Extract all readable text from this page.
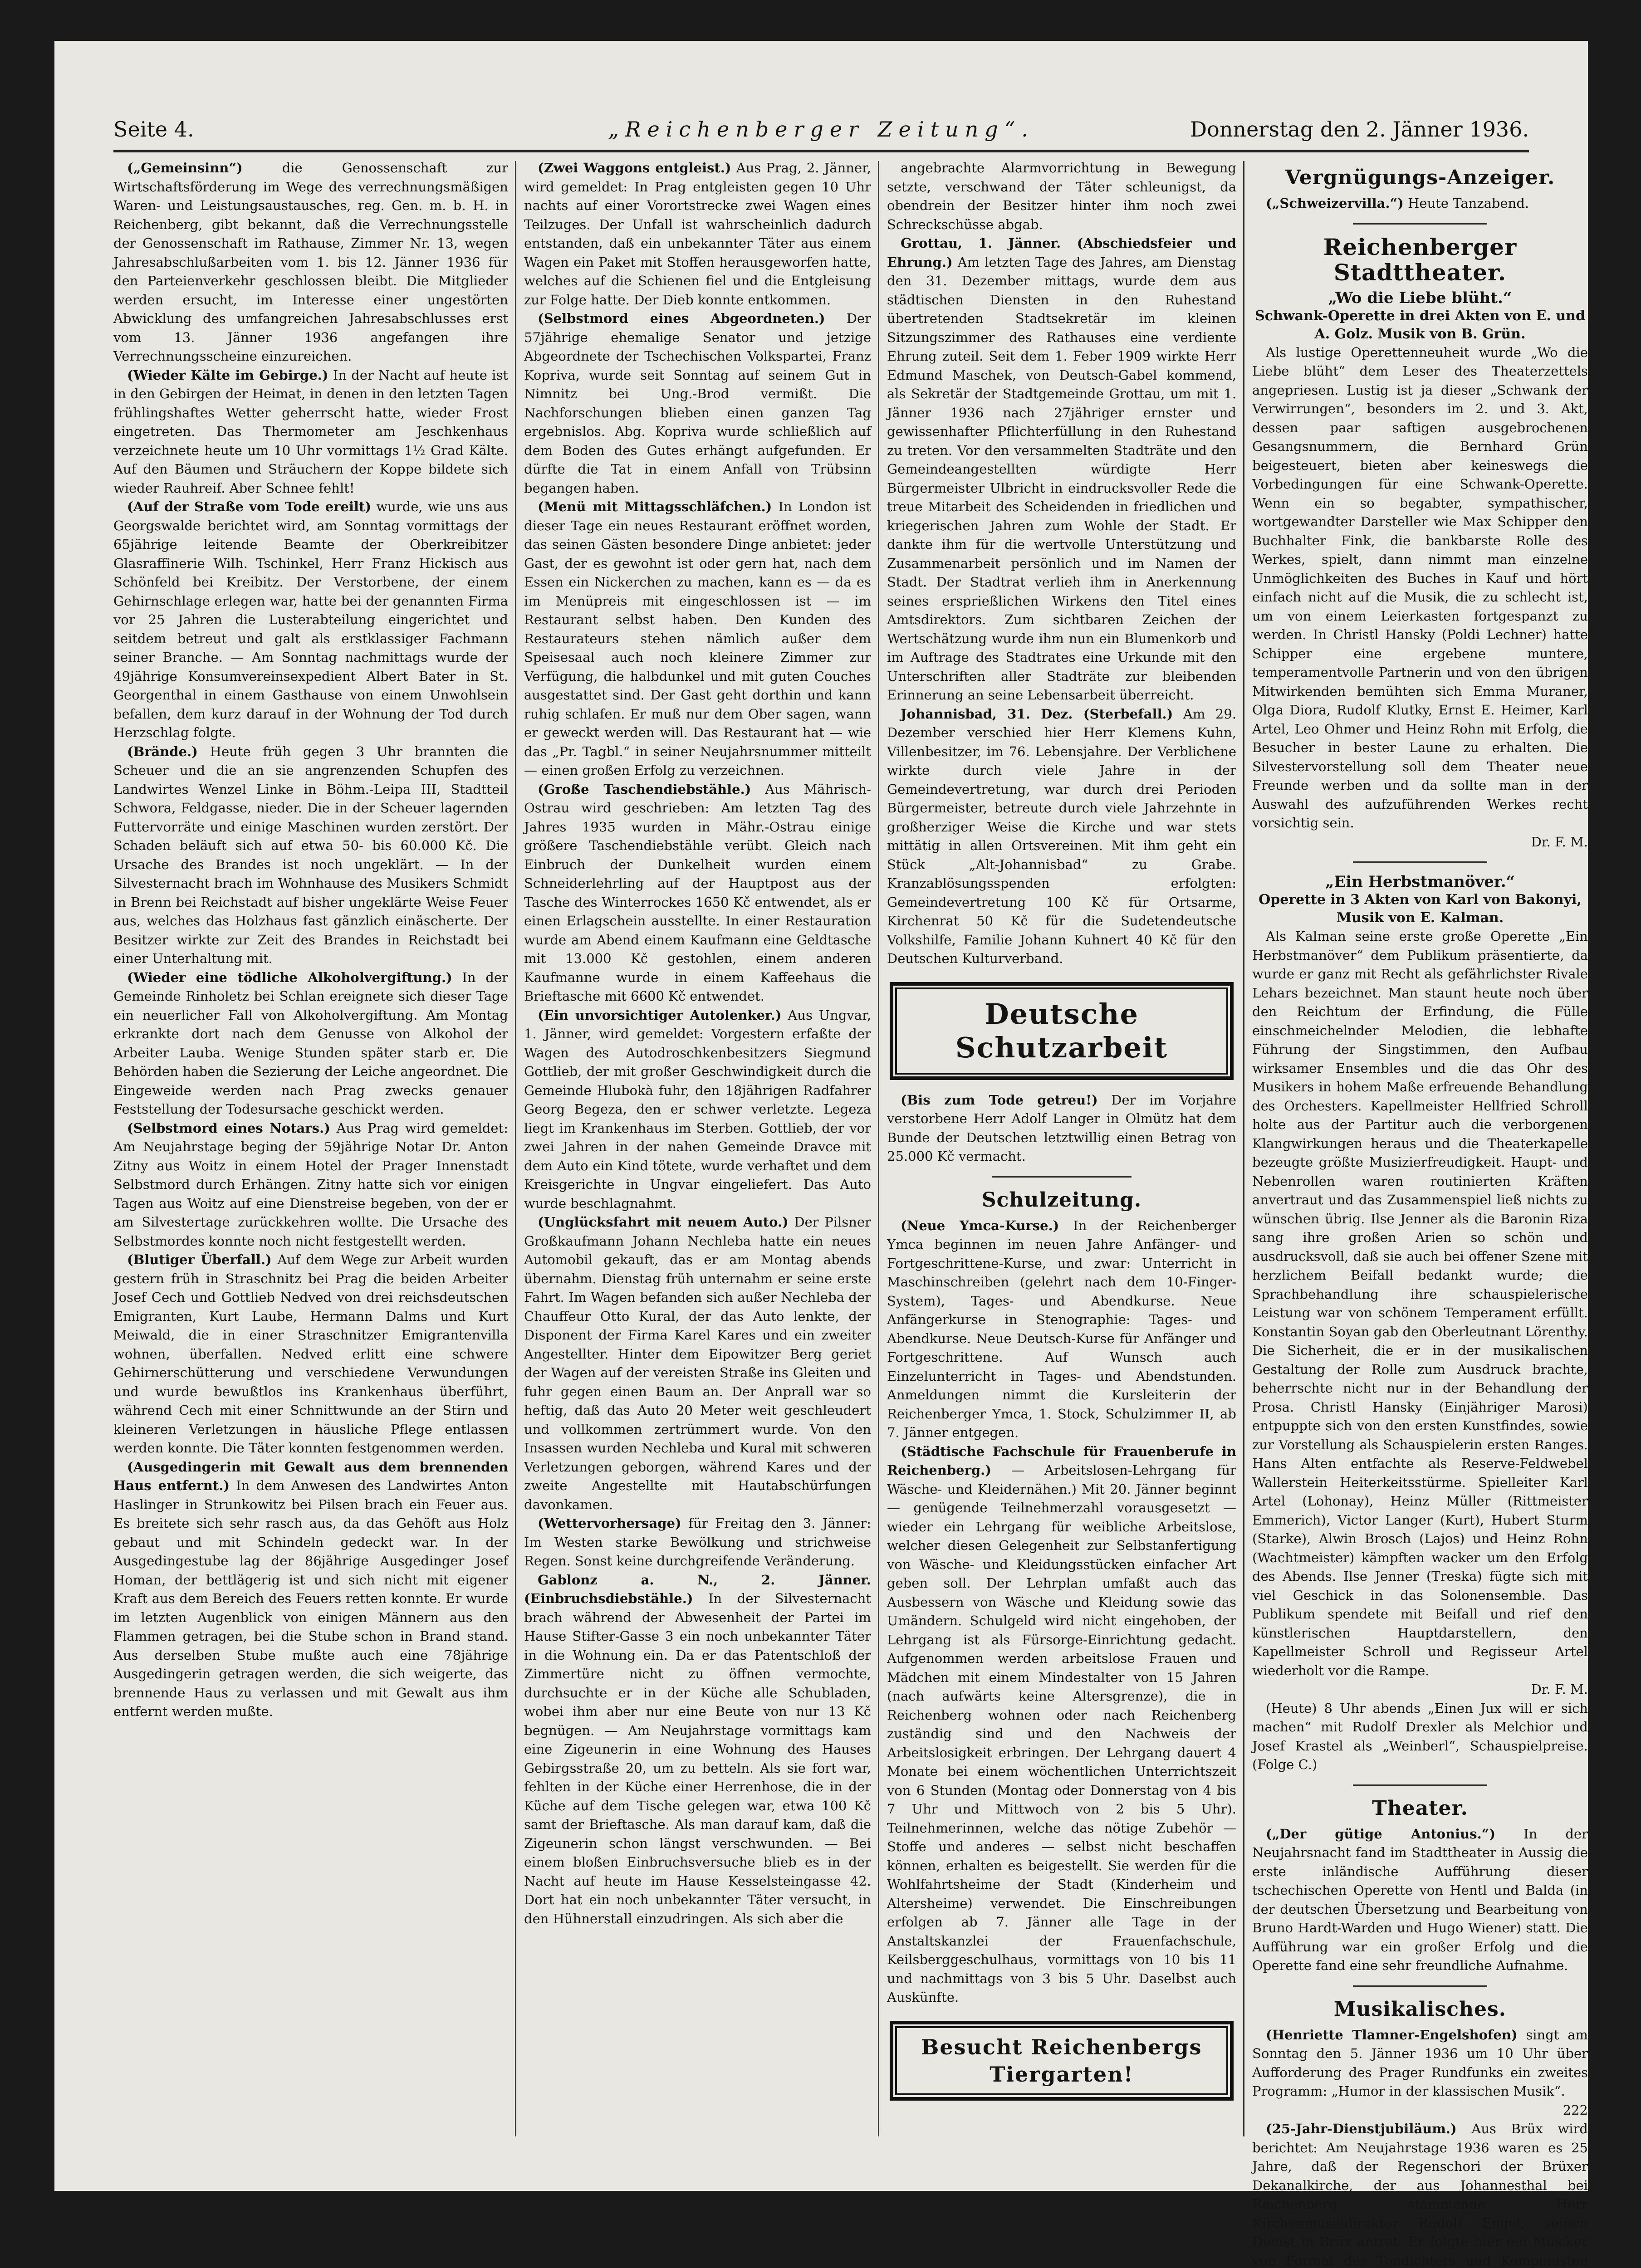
Seite 4.	„Reichenberger Zeitung“.	Donnerstag den 2. Jänner 1936.

(„Gemeinsinn“) die Genossenschaft zur Wirtschaftsförderung im Wege des verrechnungsmäßigen Waren- und Leistungsaustausches, reg. Gen. m. b. H. in Reichenberg, gibt bekannt, daß die Verrechnungsstelle der Genossenschaft im Rathause, Zimmer Nr. 13, wegen Jahresabschlußarbeiten vom 1. bis 12. Jänner 1936 für den Parteienverkehr geschlossen bleibt. Die Mitglieder werden ersucht, im Interesse einer ungestörten Abwicklung des umfangreichen Jahresabschlusses erst vom 13. Jänner 1936 angefangen ihre Verrechnungsscheine einzureichen.

(Wieder Kälte im Gebirge.) In der Nacht auf heute ist in den Gebirgen der Heimat, in denen in den letzten Tagen frühlingshaftes Wetter geherrscht hatte, wieder Frost eingetreten. Das Thermometer am Jeschkenhaus verzeichnete heute um 10 Uhr vormittags 1½ Grad Kälte. Auf den Bäumen und Sträuchern der Koppe bildete sich wieder Rauhreif. Aber Schnee fehlt!

(Auf der Straße vom Tode ereilt) wurde, wie uns aus Georgswalde berichtet wird, am Sonntag vormittags der 65jährige leitende Beamte der Oberkreibitzer Glasraffinerie Wilh. Tschinkel, Herr Franz Hickisch aus Schönfeld bei Kreibitz. Der Verstorbene, der einem Gehirnschlage erlegen war, hatte bei der genannten Firma vor 25 Jahren die Lusterabteilung eingerichtet und seitdem betreut und galt als erstklassiger Fachmann seiner Branche. — Am Sonntag nachmittags wurde der 49jährige Konsumvereinsexpedient Albert Bater in St. Georgenthal in einem Gasthause von einem Unwohlsein befallen, dem kurz darauf in der Wohnung der Tod durch Herzschlag folgte.

(Brände.) Heute früh gegen 3 Uhr brannten die Scheuer und die an sie angrenzenden Schupfen des Landwirtes Wenzel Linke in Böhm.-Leipa III, Stadtteil Schwora, Feldgasse, nieder. Die in der Scheuer lagernden Futtervorräte und einige Maschinen wurden zerstört. Der Schaden beläuft sich auf etwa 50- bis 60.000 Kč. Die Ursache des Brandes ist noch ungeklärt. — In der Silvesternacht brach im Wohnhause des Musikers Schmidt in Brenn bei Reichstadt auf bisher ungeklärte Weise Feuer aus, welches das Holzhaus fast gänzlich einäscherte. Der Besitzer wirkte zur Zeit des Brandes in Reichstadt bei einer Unterhaltung mit.

(Wieder eine tödliche Alkoholvergiftung.) In der Gemeinde Rinholetz bei Schlan ereignete sich dieser Tage ein neuerlicher Fall von Alkoholvergiftung. Am Montag erkrankte dort nach dem Genusse von Alkohol der Arbeiter Lauba. Wenige Stunden später starb er. Die Behörden haben die Sezierung der Leiche angeordnet. Die Eingeweide werden nach Prag zwecks genauer Feststellung der Todesursache geschickt werden.

(Selbstmord eines Notars.) Aus Prag wird gemeldet: Am Neujahrstage beging der 59jährige Notar Dr. Anton Zitny aus Woitz in einem Hotel der Prager Innenstadt Selbstmord durch Erhängen. Zitny hatte sich vor einigen Tagen aus Woitz auf eine Dienstreise begeben, von der er am Silvestertage zurückkehren wollte. Die Ursache des Selbstmordes konnte noch nicht festgestellt werden.

(Blutiger Überfall.) Auf dem Wege zur Arbeit wurden gestern früh in Straschnitz bei Prag die beiden Arbeiter Josef Cech und Gottlieb Nedved von drei reichsdeutschen Emigranten, Kurt Laube, Hermann Dalms und Kurt Meiwald, die in einer Straschnitzer Emigrantenvilla wohnen, überfallen. Nedved erlitt eine schwere Gehirnerschütterung und verschiedene Verwundungen und wurde bewußtlos ins Krankenhaus überführt, während Cech mit einer Schnittwunde an der Stirn und kleineren Verletzungen in häusliche Pflege entlassen werden konnte. Die Täter konnten festgenommen werden.

(Ausgedingerin mit Gewalt aus dem brennenden Haus entfernt.) In dem Anwesen des Landwirtes Anton Haslinger in Strunkowitz bei Pilsen brach ein Feuer aus. Es breitete sich sehr rasch aus, da das Gehöft aus Holz gebaut und mit Schindeln gedeckt war. In der Ausgedingestube lag der 86jährige Ausgedinger Josef Homan, der bettlägerig ist und sich nicht mit eigener Kraft aus dem Bereich des Feuers retten konnte. Er wurde im letzten Augenblick von einigen Männern aus den Flammen getragen, bei die Stube schon in Brand stand. Aus derselben Stube mußte auch eine 78jährige Ausgedingerin getragen werden, die sich weigerte, das brennende Haus zu verlassen und mit Gewalt aus ihm entfernt werden mußte.

(Zwei Waggons entgleist.) Aus Prag, 2. Jänner, wird gemeldet: In Prag entgleisten gegen 10 Uhr nachts auf einer Vorortstrecke zwei Wagen eines Teilzuges. Der Unfall ist wahrscheinlich dadurch entstanden, daß ein unbekannter Täter aus einem Wagen ein Paket mit Stoffen herausgeworfen hatte, welches auf die Schienen fiel und die Entgleisung zur Folge hatte. Der Dieb konnte entkommen.

(Selbstmord eines Abgeordneten.) Der 57jährige ehemalige Senator und jetzige Abgeordnete der Tschechischen Volkspartei, Franz Kopriva, wurde seit Sonntag auf seinem Gut in Nimnitz bei Ung.-Brod vermißt. Die Nachforschungen blieben einen ganzen Tag ergebnislos. Abg. Kopriva wurde schließlich auf dem Boden des Gutes erhängt aufgefunden. Er dürfte die Tat in einem Anfall von Trübsinn begangen haben.

(Menü mit Mittagsschläfchen.) In London ist dieser Tage ein neues Restaurant eröffnet worden, das seinen Gästen besondere Dinge anbietet: jeder Gast, der es gewohnt ist oder gern hat, nach dem Essen ein Nickerchen zu machen, kann es — da es im Menüpreis mit eingeschlossen ist — im Restaurant selbst haben. Den Kunden des Restaurateurs stehen nämlich außer dem Speisesaal auch noch kleinere Zimmer zur Verfügung, die halbdunkel und mit guten Couches ausgestattet sind. Der Gast geht dorthin und kann ruhig schlafen. Er muß nur dem Ober sagen, wann er geweckt werden will. Das Restaurant hat — wie das „Pr. Tagbl.“ in seiner Neujahrsnummer mitteilt — einen großen Erfolg zu verzeichnen.

(Große Taschendiebstähle.) Aus Mährisch-Ostrau wird geschrieben: Am letzten Tag des Jahres 1935 wurden in Mähr.-Ostrau einige größere Taschendiebstähle verübt. Gleich nach Einbruch der Dunkelheit wurden einem Schneiderlehrling auf der Hauptpost aus der Tasche des Winterrockes 1650 Kč entwendet, als er einen Erlagschein ausstellte. In einer Restauration wurde am Abend einem Kaufmann eine Geldtasche mit 13.000 Kč gestohlen, einem anderen Kaufmanne wurde in einem Kaffeehaus die Brieftasche mit 6600 Kč entwendet.

(Ein unvorsichtiger Autolenker.) Aus Ungvar, 1. Jänner, wird gemeldet: Vorgestern erfaßte der Wagen des Autodroschkenbesitzers Siegmund Gottlieb, der mit großer Geschwindigkeit durch die Gemeinde Hlubokà fuhr, den 18jährigen Radfahrer Georg Begeza, den er schwer verletzte. Legeza liegt im Krankenhaus im Sterben. Gottlieb, der vor zwei Jahren in der nahen Gemeinde Dravce mit dem Auto ein Kind tötete, wurde verhaftet und dem Kreisgerichte in Ungvar eingeliefert. Das Auto wurde beschlagnahmt.

(Unglücksfahrt mit neuem Auto.) Der Pilsner Großkaufmann Johann Nechleba hatte ein neues Automobil gekauft, das er am Montag abends übernahm. Dienstag früh unternahm er seine erste Fahrt. Im Wagen befanden sich außer Nechleba der Chauffeur Otto Kural, der das Auto lenkte, der Disponent der Firma Karel Kares und ein zweiter Angestellter. Hinter dem Eipowitzer Berg geriet der Wagen auf der vereisten Straße ins Gleiten und fuhr gegen einen Baum an. Der Anprall war so heftig, daß das Auto 20 Meter weit geschleudert und vollkommen zertrümmert wurde. Von den Insassen wurden Nechleba und Kural mit schweren Verletzungen geborgen, während Kares und der zweite Angestellte mit Hautabschürfungen davonkamen.

(Wettervorhersage) für Freitag den 3. Jänner: Im Westen starke Bewölkung und strichweise Regen. Sonst keine durchgreifende Veränderung.

Gablonz a. N., 2. Jänner. (Einbruchsdiebstähle.) In der Silvesternacht brach während der Abwesenheit der Partei im Hause Stifter-Gasse 3 ein noch unbekannter Täter in die Wohnung ein. Da er das Patentschloß der Zimmertüre nicht zu öffnen vermochte, durchsuchte er in der Küche alle Schubladen, wobei ihm aber nur eine Beute von nur 13 Kč begnügen. — Am Neujahrstage vormittags kam eine Zigeunerin in eine Wohnung des Hauses Gebirgsstraße 20, um zu betteln. Als sie fort war, fehlten in der Küche einer Herrenhose, die in der Küche auf dem Tische gelegen war, etwa 100 Kč samt der Brieftasche. Als man darauf kam, daß die Zigeunerin schon längst verschwunden. — Bei einem bloßen Einbruchsversuche blieb es in der Nacht auf heute im Hause Kesselsteingasse 42. Dort hat ein noch unbekannter Täter versucht, in den Hühnerstall einzudringen. Als sich aber die

angebrachte Alarmvorrichtung in Bewegung setzte, verschwand der Täter schleunigst, da obendrein der Besitzer hinter ihm noch zwei Schreckschüsse abgab.

Grottau, 1. Jänner. (Abschiedsfeier und Ehrung.) Am letzten Tage des Jahres, am Dienstag den 31. Dezember mittags, wurde dem aus städtischen Diensten in den Ruhestand übertretenden Stadtsekretär im kleinen Sitzungszimmer des Rathauses eine verdiente Ehrung zuteil. Seit dem 1. Feber 1909 wirkte Herr Edmund Maschek, von Deutsch-Gabel kommend, als Sekretär der Stadtgemeinde Grottau, um mit 1. Jänner 1936 nach 27jähriger ernster und gewissenhafter Pflichterfüllung in den Ruhestand zu treten. Vor den versammelten Stadträte und den Gemeindeangestellten würdigte Herr Bürgermeister Ulbricht in eindrucksvoller Rede die treue Mitarbeit des Scheidenden in friedlichen und kriegerischen Jahren zum Wohle der Stadt. Er dankte ihm für die wertvolle Unterstützung und Zusammenarbeit persönlich und im Namen der Stadt. Der Stadtrat verlieh ihm in Anerkennung seines ersprießlichen Wirkens den Titel eines Amtsdirektors. Zum sichtbaren Zeichen der Wertschätzung wurde ihm nun ein Blumenkorb und im Auftrage des Stadtrates eine Urkunde mit den Unterschriften aller Stadträte zur bleibenden Erinnerung an seine Lebensarbeit überreicht.

Johannisbad, 31. Dez. (Sterbefall.) Am 29. Dezember verschied hier Herr Klemens Kuhn, Villenbesitzer, im 76. Lebensjahre. Der Verblichene wirkte durch viele Jahre in der Gemeindevertretung, war durch drei Perioden Bürgermeister, betreute durch viele Jahrzehnte in großherziger Weise die Kirche und war stets mittätig in allen Ortsvereinen. Mit ihm geht ein Stück „Alt-Johannisbad“ zu Grabe. Kranzablösungsspenden erfolgten: Gemeindevertretung 100 Kč für Ortsarme, Kirchenrat 50 Kč für die Sudetendeutsche Volkshilfe, Familie Johann Kuhnert 40 Kč für den Deutschen Kulturverband.

Deutsche Schutzarbeit

(Bis zum Tode getreu!) Der im Vorjahre verstorbene Herr Adolf Langer in Olmütz hat dem Bunde der Deutschen letztwillig einen Betrag von 25.000 Kč vermacht.

Schulzeitung.

(Neue Ymca-Kurse.) In der Reichenberger Ymca beginnen im neuen Jahre Anfänger- und Fortgeschrittene-Kurse, und zwar: Unterricht in Maschinschreiben (gelehrt nach dem 10-Finger-System), Tages- und Abendkurse. Neue Anfängerkurse in Stenographie: Tages- und Abendkurse. Neue Deutsch-Kurse für Anfänger und Fortgeschrittene. Auf Wunsch auch Einzelunterricht in Tages- und Abendstunden. Anmeldungen nimmt die Kursleiterin der Reichenberger Ymca, 1. Stock, Schulzimmer II, ab 7. Jänner entgegen.

(Städtische Fachschule für Frauenberufe in Reichenberg.) — Arbeitslosen-Lehrgang für Wäsche- und Kleidernähen.) Mit 20. Jänner beginnt — genügende Teilnehmerzahl vorausgesetzt — wieder ein Lehrgang für weibliche Arbeitslose, welcher diesen Gelegenheit zur Selbstanfertigung von Wäsche- und Kleidungsstücken einfacher Art geben soll. Der Lehrplan umfaßt auch das Ausbessern von Wäsche und Kleidung sowie das Umändern. Schulgeld wird nicht eingehoben, der Lehrgang ist als Fürsorge-Einrichtung gedacht. Aufgenommen werden arbeitslose Frauen und Mädchen mit einem Mindestalter von 15 Jahren (nach aufwärts keine Altersgrenze), die in Reichenberg wohnen oder nach Reichenberg zuständig sind und den Nachweis der Arbeitslosigkeit erbringen. Der Lehrgang dauert 4 Monate bei einem wöchentlichen Unterrichtszeit von 6 Stunden (Montag oder Donnerstag von 4 bis 7 Uhr und Mittwoch von 2 bis 5 Uhr). Teilnehmerinnen, welche das nötige Zubehör — Stoffe und anderes — selbst nicht beschaffen können, erhalten es beigestellt. Sie werden für die Wohlfahrtsheime der Stadt (Kinderheim und Altersheime) verwendet. Die Einschreibungen erfolgen ab 7. Jänner alle Tage in der Anstaltskanzlei der Frauenfachschule, Keilsberggeschulhaus, vormittags von 10 bis 11 und nachmittags von 3 bis 5 Uhr. Daselbst auch Auskünfte.

Besucht Reichenbergs Tiergarten!
Vergnügungs-Anzeiger.

(„Schweizervilla.“) Heute Tanzabend.

Reichenberger Stadttheater.
„Wo die Liebe blüht.“
Schwank-Operette in drei Akten von E. und A. Golz. Musik von B. Grün.

Als lustige Operettenneuheit wurde „Wo die Liebe blüht“ dem Leser des Theaterzettels angepriesen. Lustig ist ja dieser „Schwank der Verwirrungen“, besonders im 2. und 3. Akt, dessen paar saftigen ausgebrochenen Gesangsnummern, die Bernhard Grün beigesteuert, bieten aber keineswegs die Vorbedingungen für eine Schwank-Operette. Wenn ein so begabter, sympathischer, wortgewandter Darsteller wie Max Schipper den Buchhalter Fink, die bankbarste Rolle des Werkes, spielt, dann nimmt man einzelne Unmöglichkeiten des Buches in Kauf und hört einfach nicht auf die Musik, die zu schlecht ist, um von einem Leierkasten fortgespanzt zu werden. In Christl Hansky (Poldi Lechner) hatte Schipper eine ergebene muntere, temperamentvolle Partnerin und von den übrigen Mitwirkenden bemühten sich Emma Muraner, Olga Diora, Rudolf Klutky, Ernst E. Heimer, Karl Artel, Leo Ohmer und Heinz Rohn mit Erfolg, die Besucher in bester Laune zu erhalten. Die Silvestervorstellung soll dem Theater neue Freunde werben und da sollte man in der Auswahl des aufzuführenden Werkes recht vorsichtig sein.

Dr. F. M.

„Ein Herbstmanöver.“
Operette in 3 Akten von Karl von Bakonyi, Musik von E. Kalman.

Als Kalman seine erste große Operette „Ein Herbstmanöver“ dem Publikum präsentierte, da wurde er ganz mit Recht als gefährlichster Rivale Lehars bezeichnet. Man staunt heute noch über den Reichtum der Erfindung, die Fülle einschmeichelnder Melodien, die lebhafte Führung der Singstimmen, den Aufbau wirksamer Ensembles und die das Ohr des Musikers in hohem Maße erfreuende Behandlung des Orchesters. Kapellmeister Hellfried Schroll holte aus der Partitur auch die verborgenen Klangwirkungen heraus und die Theaterkapelle bezeugte größte Musizierfreudigkeit. Haupt- und Nebenrollen waren routinierten Kräften anvertraut und das Zusammenspiel ließ nichts zu wünschen übrig. Ilse Jenner als die Baronin Riza sang ihre großen Arien so schön und ausdrucksvoll, daß sie auch bei offener Szene mit herzlichem Beifall bedankt wurde; die Sprachbehandlung ihre schauspielerische Leistung war von schönem Temperament erfüllt. Konstantin Soyan gab den Oberleutnant Lörenthy. Die Sicherheit, die er in der musikalischen Gestaltung der Rolle zum Ausdruck brachte, beherrschte nicht nur in der Behandlung der Prosa. Christl Hansky (Einjähriger Marosi) entpuppte sich von den ersten Kunstfindes, sowie zur Vorstellung als Schauspielerin ersten Ranges. Hans Alten entfachte als Reserve-Feldwebel Wallerstein Heiterkeitsstürme. Spielleiter Karl Artel (Lohonay), Heinz Müller (Rittmeister Emmerich), Victor Langer (Kurt), Hubert Sturm (Starke), Alwin Brosch (Lajos) und Heinz Rohn (Wachtmeister) kämpften wacker um den Erfolg des Abends. Ilse Jenner (Treska) fügte sich mit viel Geschick in das Solonensemble. Das Publikum spendete mit Beifall und rief den künstlerischen Hauptdarstellern, den Kapellmeister Schroll und Regisseur Artel wiederholt vor die Rampe.

Dr. F. M.

(Heute) 8 Uhr abends „Einen Jux will er sich machen“ mit Rudolf Drexler als Melchior und Josef Krastel als „Weinberl“, Schauspielpreise. (Folge C.)

Theater.

(„Der gütige Antonius.“) In der Neujahrsnacht fand im Stadttheater in Aussig die erste inländische Aufführung dieser tschechischen Operette von Hentl und Balda (in der deutschen Übersetzung und Bearbeitung von Bruno Hardt-Warden und Hugo Wiener) statt. Die Aufführung war ein großer Erfolg und die Operette fand eine sehr freundliche Aufnahme.

Musikalisches.

(Henriette Tlamner-Engelshofen) singt am Sonntag den 5. Jänner 1936 um 10 Uhr über Aufforderung des Prager Rundfunks ein zweites Programm: „Humor in der klassischen Musik“.

222

(25-Jahr-Dienstjubiläum.) Aus Brüx wird berichtet: Am Neujahrstage 1936 waren es 25 Jahre, daß der Regenschori der Brüxer Dekanalkirche, der aus Johannesthal bei Reichenberg stammende Herr Kirchenmusikdirektor Rudolf Engel, seinen Dienst in Brüx antrat. Er folgte hier ein Musiker von Format des Tondichters und Komponisten
